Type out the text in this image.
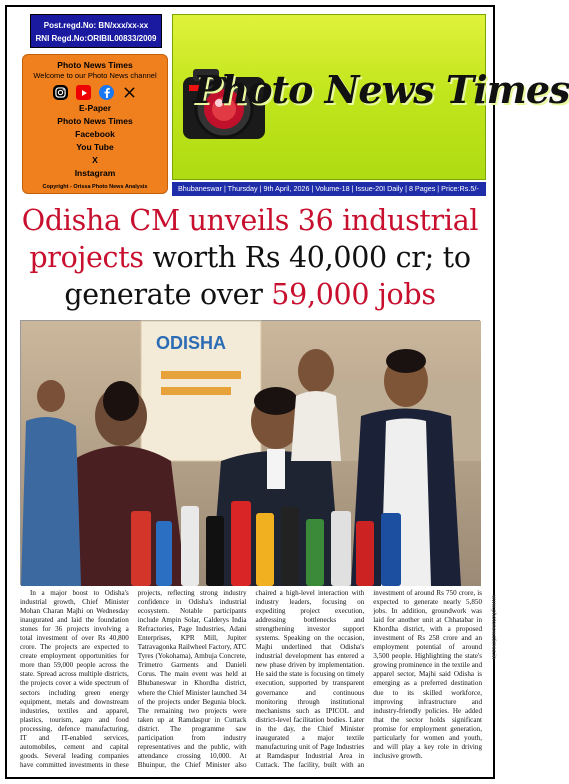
Post.regd.No: BN/xxx/xx-xx
RNI Regd.No:ORIBIL00833/2009
Photo News Times
Welcome to our Photo News channel
E-Paper
Photo News Times
Facebook
You Tube
X
Instagram
Copyright - Orissa Photo News Analysis
Photo News Times
Bhubaneswar | Thursday | 9th April, 2026 | Volume-18 | Issue-20I Daily | 8 Pages | Price:Rs.5/-
Odisha CM unveils 36 industrial
projects worth Rs 40,000 cr; to
generate over 59,000 jobs
ODISHA

In a major boost to Odisha's industrial growth, Chief Minister Mohan Charan Majhi on Wednesday inaugurated and laid the foundation stones for 36 projects involving a total investment of over Rs 40,800 crore. The projects are expected to create employment opportunities for more than 59,000 people across the state. Spread across multiple districts, the projects cover a wide spectrum of sectors including green energy equipment, metals and downstream industries, textiles and apparel, plastics, tourism, agro and food processing, defence manufacturing, IT and IT-enabled services, automobiles, cement and capital goods. Several leading companies have committed investments in these projects, reflecting strong industry confidence in Odisha's industrial ecosystem. Notable participants include Ampin Solar, Calderys India Refractories, Page Industries, Adani Enterprises, KPR Mill, Jupiter Tatravagonka Railwheel Factory, ATC Tyres (Yokohama), Ambuja Concrete, Trimetro Garments and Danieli Corus. The main event was held at Bhubaneswar in Khordha district, where the Chief Minister launched 34 of the projects under Beguniа block. The remaining two projects were taken up at Ramdaspur in Cuttack district. The programme saw participation from industry representatives and the public, with attendance crossing 10,000. At Bhuinpur, the Chief Minister also chaired a high-level interaction with industry leaders, focusing on expediting project execution, addressing bottlenecks and strengthening investor support systems. Speaking on the occasion, Majhi underlined that Odisha's industrial development has entered a new phase driven by implementation. He said the state is focusing on timely execution, supported by transparent governance and continuous monitoring through institutional mechanisms such as IPICOL and district-level facilitation bodies. Later in the day, the Chief Minister inaugurated a major textile manufacturing unit of Page Industries at Ramdaspur Industrial Area in Cuttack. The facility, built with an investment of around Rs 750 crore, is expected to generate nearly 5,850 jobs. In addition, groundwork was laid for another unit at Chhatabar in Khordha district, with a proposed investment of Rs 258 crore and an employment potential of around 3,500 people. Highlighting the state's growing prominence in the textile and apparel sector, Majhi said Odisha is emerging as a preferred destination due to its skilled workforce, improving infrastructure and industry-friendly policies. He added that the sector holds significant promise for employment generation, particularly for women and youth, and will play a key role in driving inclusive growth.

www.photonewstimes.in
